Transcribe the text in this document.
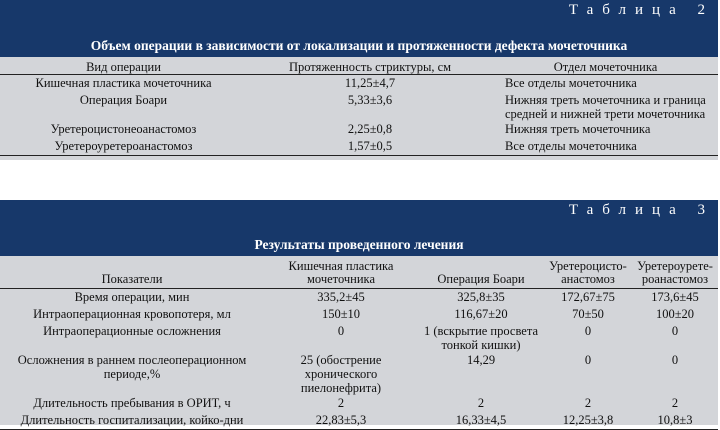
Таблица 2
Объем операции в зависимости от локализации и протяженности дефекта мочеточника
Вид операции	Протяженность стриктуры, см	Отдел мочеточника
Кишечная пластика мочеточника	11,25±4,7	Все отделы мочеточника
Операция Боари	5,33±3,6	Нижняя треть мочеточника и граница средней и нижней трети мочеточника
Уретероцистонеоанастомоз	2,25±0,8	Нижняя треть мочеточника
Уретероуретероанастомоз	1,57±0,5	Все отделы мочеточника
Таблица 3
Результаты проведенного лечения
Показатели	Кишечная пластика мочеточника	Операция Боари	Уретероцисто-анастомоз	Уретероурете-роанастомоз
Время операции, мин	335,2±45	325,8±35	172,67±75	173,6±45
Интраоперационная кровопотеря, мл	150±10	116,67±20	70±50	100±20
Интраоперационные осложнения	0	1 (вскрытие просвета тонкой кишки)	0	0
Осложнения в раннем послеоперационном периоде,%	25 (обострение хронического пиелонефрита)	14,29	0	0
Длительность пребывания в ОРИТ, ч	2	2	2	2
Длительность госпитализации, койко-дни	22,83±5,3	16,33±4,5	12,25±3,8	10,8±3
